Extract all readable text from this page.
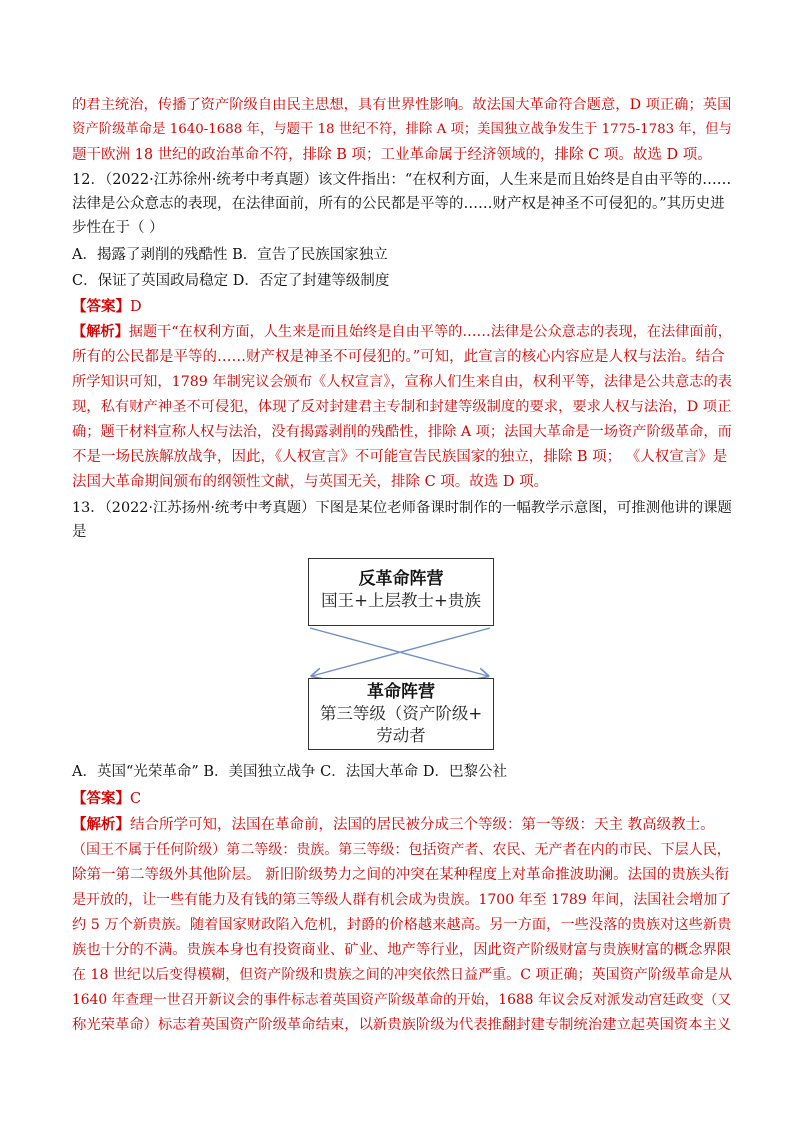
的君主统治，传播了资产阶级自由民主思想，具有世界性影响。故法国大革命符合题意，D 项正确；英国
资产阶级革命是 1640-1688 年，与题干 18 世纪不符，排除 A 项；美国独立战争发生于 1775-1783 年，但与
题干欧洲 18 世纪的政治革命不符，排除 B 项；工业革命属于经济领域的，排除 C 项。故选 D 项。
12．（2022·江苏徐州·统考中考真题）该文件指出：“在权利方面，人生来是而且始终是自由平等的……
法律是公众意志的表现，在法律面前，所有的公民都是平等的……财产权是神圣不可侵犯的。”其历史进
步性在于（ ）
A．揭露了剥削的残酷性 B．宣告了民族国家独立
C．保证了英国政局稳定 D．否定了封建等级制度
【答案】D
【解析】据题干“在权利方面，人生来是而且始终是自由平等的……法律是公众意志的表现，在法律面前，
所有的公民都是平等的……财产权是神圣不可侵犯的。”可知，此宣言的核心内容应是人权与法治。结合
所学知识可知，1789 年制宪议会颁布《人权宣言》，宣称人们生来自由，权利平等，法律是公共意志的表
现，私有财产神圣不可侵犯，体现了反对封建君主专制和封建等级制度的要求，要求人权与法治，D 项正
确；题干材料宣称人权与法治，没有揭露剥削的残酷性，排除 A 项；法国大革命是一场资产阶级革命，而
不是一场民族解放战争，因此，《人权宣言》不可能宣告民族国家的独立，排除 B 项； 《人权宣言》是
法国大革命期间颁布的纲领性文献，与英国无关，排除 C 项。故选 D 项。
13．（2022·江苏扬州·统考中考真题）下图是某位老师备课时制作的一幅教学示意图，可推测他讲的课题
是
反革命阵营
国王+上层教士+贵族
革命阵营
第三等级（资产阶级+
劳动者
A．英国“光荣革命” B．美国独立战争 C．法国大革命 D．巴黎公社
【答案】C
【解析】结合所学可知，法国在革命前，法国的居民被分成三个等级：第一等级：天主 教高级教士。
（国王不属于任何阶级）第二等级：贵族。第三等级：包括资产者、农民、无产者在内的市民、下层人民，
除第一第二等级外其他阶层。 新旧阶级势力之间的冲突在某种程度上对革命推波助澜。法国的贵族头衔
是开放的，让一些有能力及有钱的第三等级人群有机会成为贵族。1700 年至 1789 年间，法国社会增加了
约 5 万个新贵族。随着国家财政陷入危机，封爵的价格越来越高。另一方面，一些没落的贵族对这些新贵
族也十分的不满。贵族本身也有投资商业、矿业、地产等行业，因此资产阶级财富与贵族财富的概念界限
在 18 世纪以后变得模糊，但资产阶级和贵族之间的冲突依然日益严重。C 项正确；英国资产阶级革命是从
1640 年查理一世召开新议会的事件标志着英国资产阶级革命的开始，1688 年议会反对派发动宫廷政变（又
称光荣革命）标志着英国资产阶级革命结束，以新贵族阶级为代表推翻封建专制统治建立起英国资本主义
